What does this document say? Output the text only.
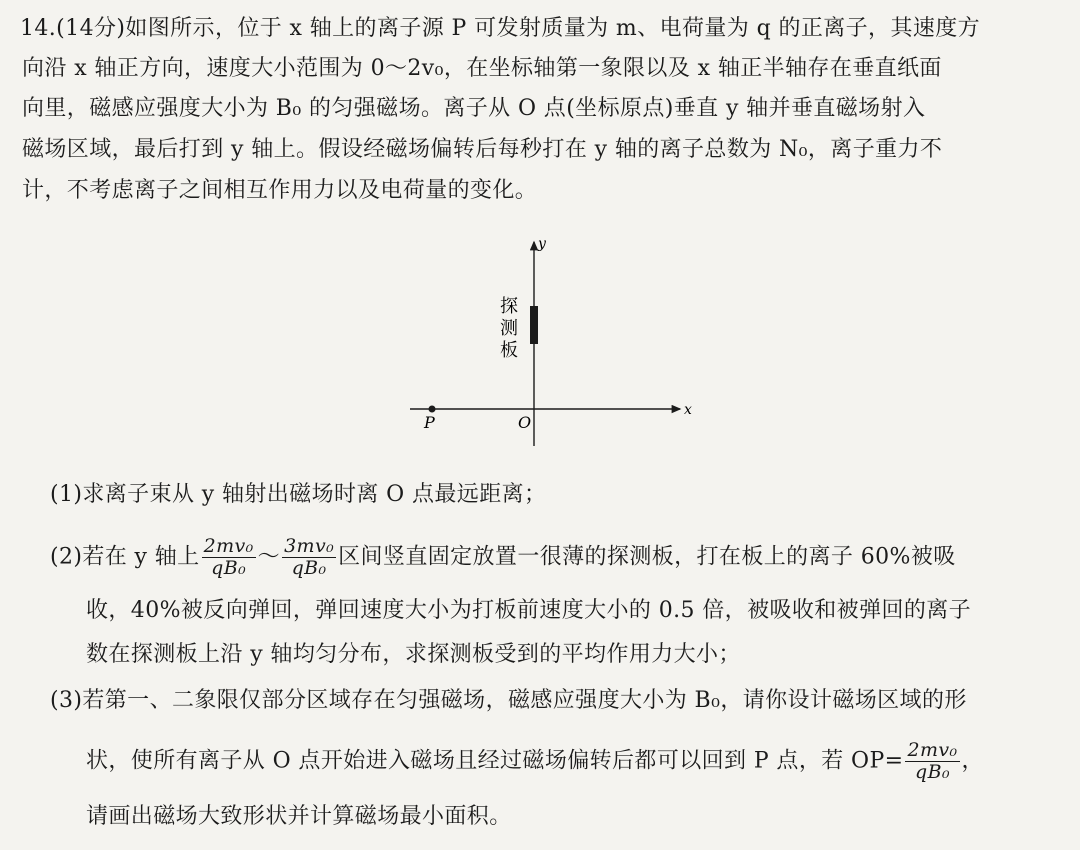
14.(14分)如图所示，位于 x 轴上的离子源 P 可发射质量为 m、电荷量为 q 的正离子，其速度方
向沿 x 轴正方向，速度大小范围为 0～2v₀，在坐标轴第一象限以及 x 轴正半轴存在垂直纸面
向里，磁感应强度大小为 B₀ 的匀强磁场。离子从 O 点(坐标原点)垂直 y 轴并垂直磁场射入
磁场区域，最后打到 y 轴上。假设经磁场偏转后每秒打在 y 轴的离子总数为 N₀，离子重力不
计，不考虑离子之间相互作用力以及电荷量的变化。
y
x
O
P
探
测
板
(1)求离子束从 y 轴射出磁场时离 O 点最远距离；
(2)若在 y 轴上 $\frac{\text{2mv₀}}{\text{qB₀}}$ ～ $\frac{\text{3mv₀}}{\text{qB₀}}$ 区间竖直固定放置一很薄的探测板，打在板上的离子 60%被吸
收，40%被反向弹回，弹回速度大小为打板前速度大小的 0.5 倍，被吸收和被弹回的离子
数在探测板上沿 y 轴均匀分布，求探测板受到的平均作用力大小；
(3)若第一、二象限仅部分区域存在匀强磁场，磁感应强度大小为 B₀，请你设计磁场区域的形
状，使所有离子从 O 点开始进入磁场且经过磁场偏转后都可以回到 P 点，若 $OP= \frac{\text{2mv₀}}{\text{qB₀}}$ ，
请画出磁场大致形状并计算磁场最小面积。
